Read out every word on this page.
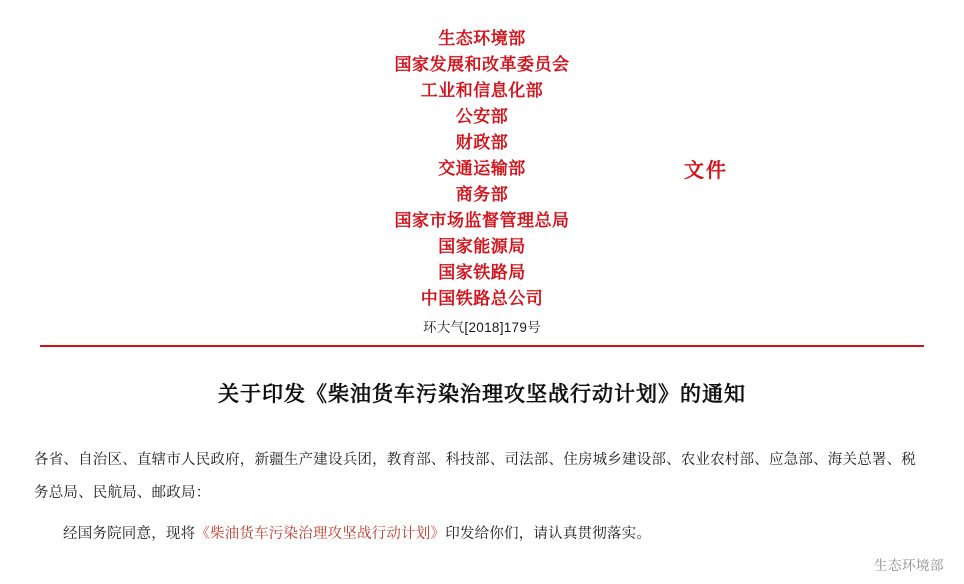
生态环境部
国家发展和改革委员会
工业和信息化部
公安部
财政部
交通运输部
商务部
国家市场监督管理总局
国家能源局
国家铁路局
中国铁路总公司
文件
环大气[2018]179号
关于印发《柴油货车污染治理攻坚战行动计划》的通知

各省、自治区、直辖市人民政府，新疆生产建设兵团，教育部、科技部、司法部、住房城乡建设部、农业农村部、应急部、海关总署、税务总局、民航局、邮政局：

经国务院同意，现将《柴油货车污染治理攻坚战行动计划》印发给你们，请认真贯彻落实。

生态环境部
